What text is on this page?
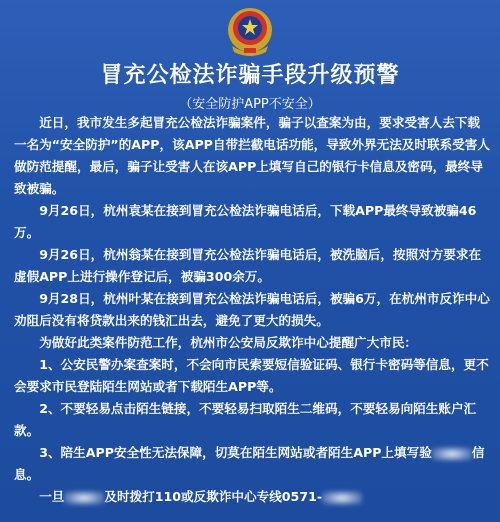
冒充公检法诈骗手段升级预警
（安全防护APP不安全）

近日，我市发生多起冒充公检法诈骗案件，骗子以查案为由，要求受害人去下载一名为“安全防护”的APP，该APP自带拦截电话功能，导致外界无法及时联系受害人做防范提醒，最后，骗子让受害人在该APP上填写自己的银行卡信息及密码，最终导致被骗。

9月26日，杭州袁某在接到冒充公检法诈骗电话后，下载APP最终导致被骗46万。

9月26日，杭州翁某在接到冒充公检法诈骗电话后，被洗脑后，按照对方要求在虚假APP上进行操作登记后，被骗300余万。

9月28日，杭州叶某在接到冒充公检法诈骗电话后，被骗6万，在杭州市反诈中心劝阻后没有将贷款出来的钱汇出去，避免了更大的损失。

为做好此类案件防范工作，杭州市公安局反欺诈中心提醒广大市民：

1、公安民警办案查案时，不会向市民索要短信验证码、银行卡密码等信息，更不会要求市民登陆陌生网站或者下载陌生APP等。

2、不要轻易点击陌生链接，不要轻易扫取陌生二维码，不要轻易向陌生账户汇款。

3、陪生APP安全性无法保障，切莫在陌生网站或者陌生APP上填写验	信息。

一旦	及时拨打110或反欺诈中心专线0571-
